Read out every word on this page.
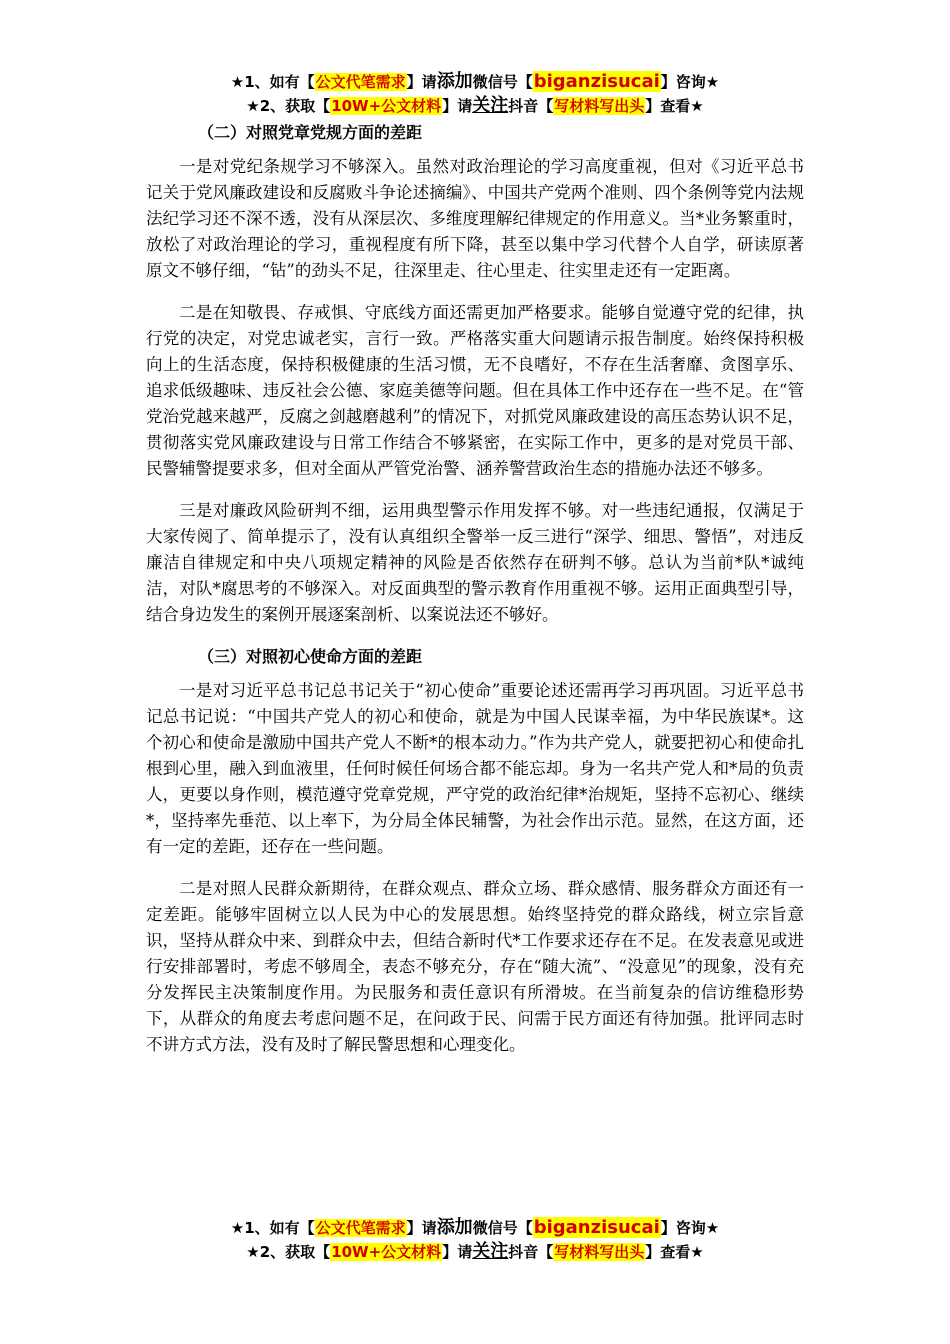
★1、如有【公文代笔需求】请添加微信号【biganzisucai】咨询★
★2、获取【10W+公文材料】请关注抖音【写材料写出头】查看★
（二）对照党章党规方面的差距

一是对党纪条规学习不够深入。虽然对政治理论的学习高度重视，但对《习近平总书记关于党风廉政建设和反腐败斗争论述摘编》、中国共产党两个准则、四个条例等党内法规法纪学习还不深不透，没有从深层次、多维度理解纪律规定的作用意义。当*业务繁重时，放松了对政治理论的学习，重视程度有所下降，甚至以集中学习代替个人自学，研读原著原文不够仔细，“钻”的劲头不足，往深里走、往心里走、往实里走还有一定距离。

二是在知敬畏、存戒惧、守底线方面还需更加严格要求。能够自觉遵守党的纪律，执行党的决定，对党忠诚老实，言行一致。严格落实重大问题请示报告制度。始终保持积极向上的生活态度，保持积极健康的生活习惯，无不良嗜好，不存在生活奢靡、贪图享乐、追求低级趣味、违反社会公德、家庭美德等问题。但在具体工作中还存在一些不足。在“管党治党越来越严，反腐之剑越磨越利”的情况下，对抓党风廉政建设的高压态势认识不足，贯彻落实党风廉政建设与日常工作结合不够紧密，在实际工作中，更多的是对党员干部、民警辅警提要求多，但对全面从严管党治警、涵养警营政治生态的措施办法还不够多。

三是对廉政风险研判不细，运用典型警示作用发挥不够。对一些违纪通报，仅满足于大家传阅了、简单提示了，没有认真组织全警举一反三进行“深学、细思、警悟”，对违反廉洁自律规定和中央八项规定精神的风险是否依然存在研判不够。总认为当前*队*诚纯洁，对队*腐思考的不够深入。对反面典型的警示教育作用重视不够。运用正面典型引导，结合身边发生的案例开展逐案剖析、以案说法还不够好。

（三）对照初心使命方面的差距

一是对习近平总书记总书记关于“初心使命”重要论述还需再学习再巩固。习近平总书记总书记说：“中国共产党人的初心和使命，就是为中国人民谋幸福，为中华民族谋*。这个初心和使命是激励中国共产党人不断*的根本动力。”作为共产党人，就要把初心和使命扎根到心里，融入到血液里，任何时候任何场合都不能忘却。身为一名共产党人和*局的负责人，更要以身作则，模范遵守党章党规，严守党的政治纪律*治规矩，坚持不忘初心、继续*，坚持率先垂范、以上率下，为分局全体民辅警，为社会作出示范。显然，在这方面，还有一定的差距，还存在一些问题。

二是对照人民群众新期待，在群众观点、群众立场、群众感情、服务群众方面还有一定差距。能够牢固树立以人民为中心的发展思想。始终坚持党的群众路线，树立宗旨意识，坚持从群众中来、到群众中去，但结合新时代*工作要求还存在不足。在发表意见或进行安排部署时，考虑不够周全，表态不够充分，存在“随大流”、“没意见”的现象，没有充分发挥民主决策制度作用。为民服务和责任意识有所滑坡。在当前复杂的信访维稳形势下，从群众的角度去考虑问题不足，在问政于民、问需于民方面还有待加强。批评同志时不讲方式方法，没有及时了解民警思想和心理变化。

★1、如有【公文代笔需求】请添加微信号【biganzisucai】咨询★
★2、获取【10W+公文材料】请关注抖音【写材料写出头】查看★
